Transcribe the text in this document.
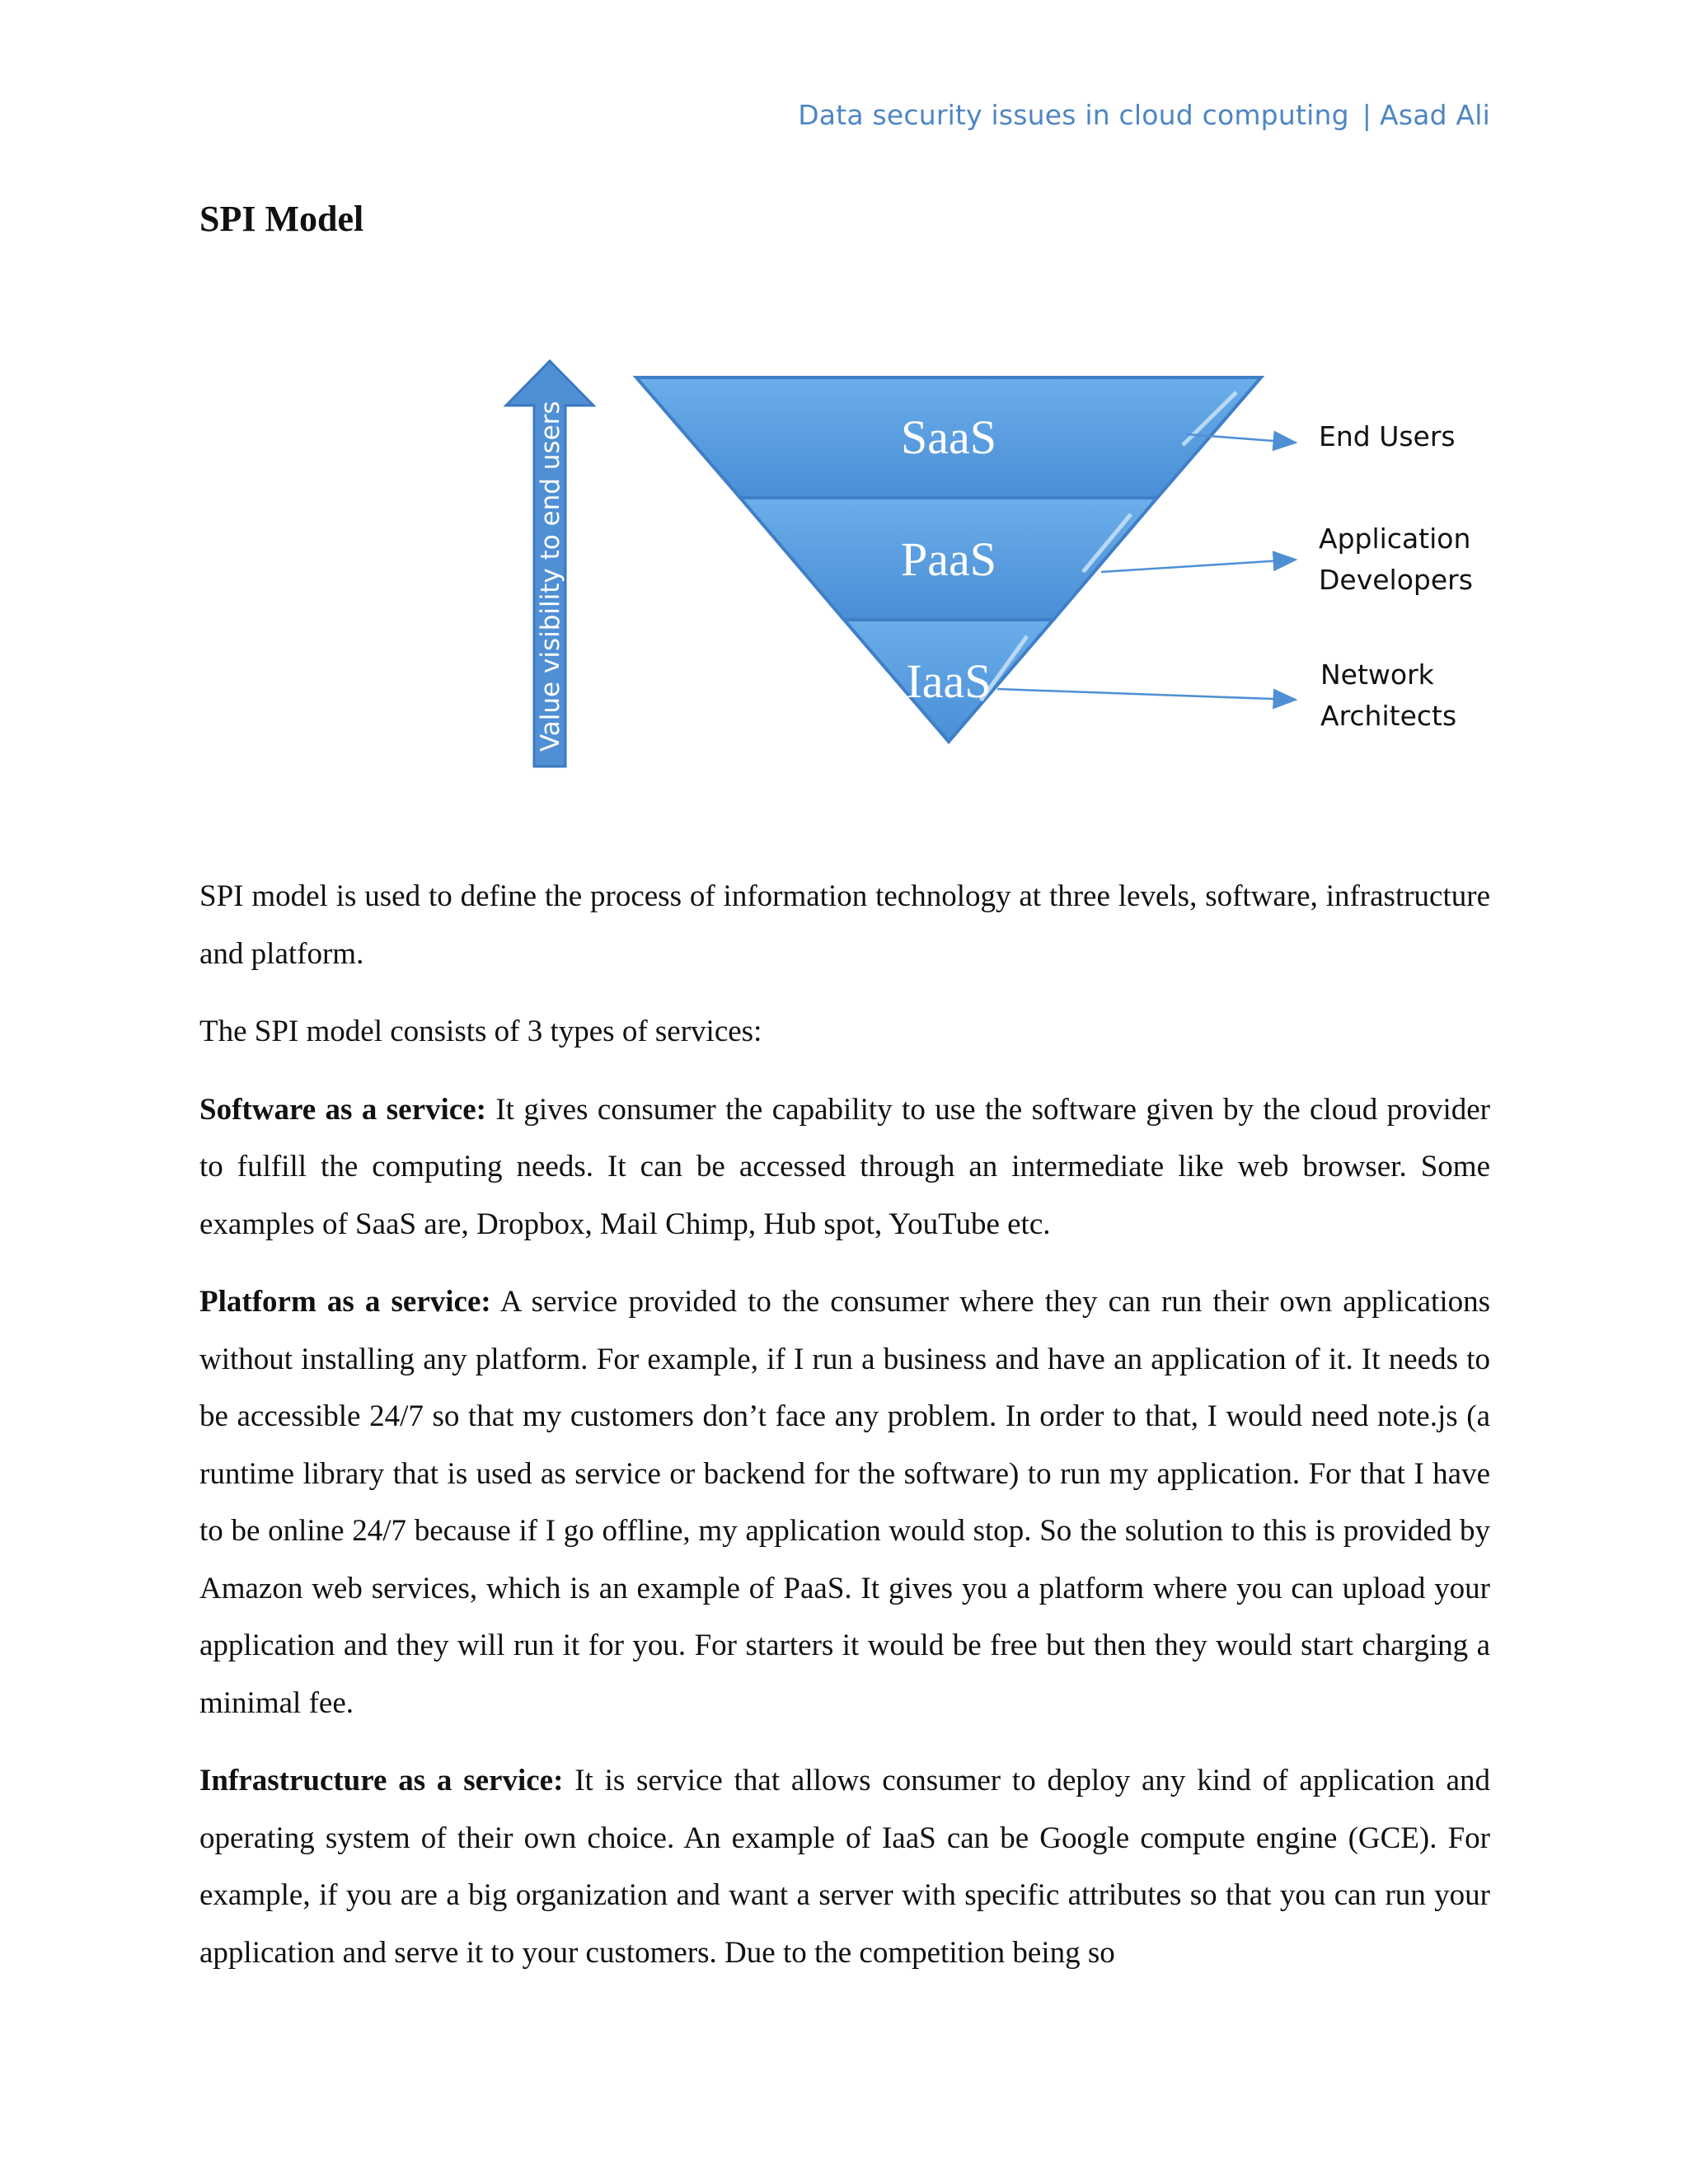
Data security issues in cloud computing | Asad Ali
SPI Model
Value visibility to end users	SaaS
PaaS
IaaS
End Users
Application
Developers
Network
Architects

SPI model is used to define the process of information technology at three levels, software, infrastructure and platform.

The SPI model consists of 3 types of services:

Software as a service: It gives consumer the capability to use the software given by the cloud provider to fulfill the computing needs. It can be accessed through an intermediate like web browser. Some examples of SaaS are, Dropbox, Mail Chimp, Hub spot, YouTube etc.

Platform as a service: A service provided to the consumer where they can run their own applications without installing any platform. For example, if I run a business and have an application of it. It needs to be accessible 24/7 so that my customers don’t face any problem. In order to that, I would need note.js (a runtime library that is used as service or backend for the software) to run my application. For that I have to be online 24/7 because if I go offline, my application would stop. So the solution to this is provided by Amazon web services, which is an example of PaaS. It gives you a platform where you can upload your application and they will run it for you. For starters it would be free but then they would start charging a minimal fee.

Infrastructure as a service: It is service that allows consumer to deploy any kind of application and operating system of their own choice. An example of IaaS can be Google compute engine (GCE). For example, if you are a big organization and want a server with specific attributes so that you can run your application and serve it to your customers. Due to the competition being so
